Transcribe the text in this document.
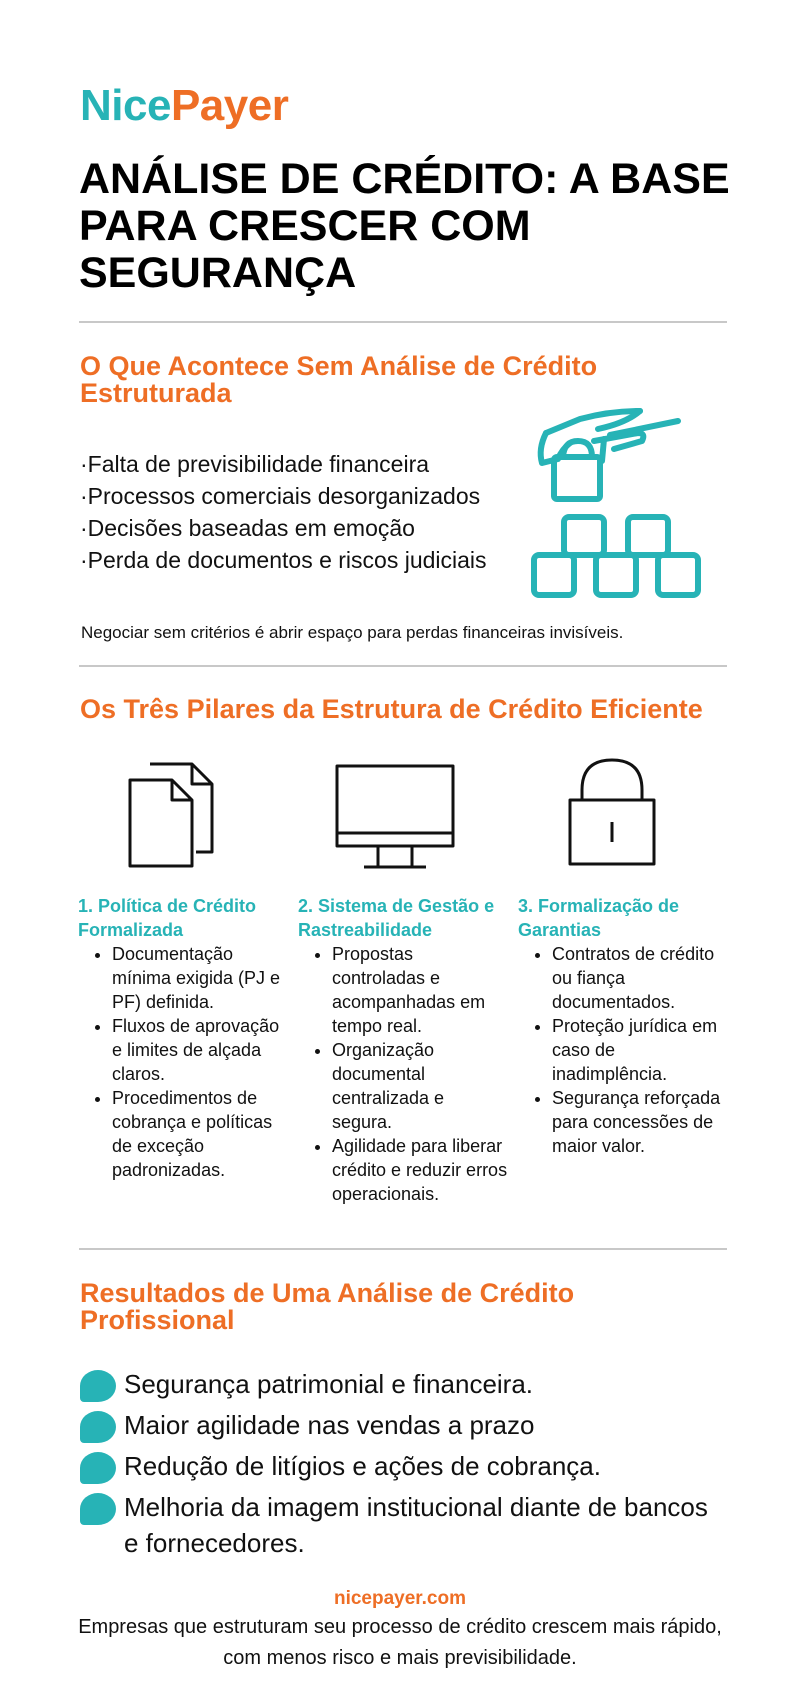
NicePayer
ANÁLISE DE CRÉDITO: A BASE PARA CRESCER COM SEGURANÇA
O Que Acontece Sem Análise de Crédito Estruturada
·Falta de previsibilidade financeira
·Processos comerciais desorganizados
·Decisões baseadas em emoção
·Perda de documentos e riscos judiciais

Negociar sem critérios é abrir espaço para perdas financeiras invisíveis.

Os Três Pilares da Estrutura de Crédito Eficiente
1. Política de Crédito Formalizada
• Documentação mínima exigida (PJ e PF) definida.
• Fluxos de aprovação e limites de alçada claros.
• Procedimentos de cobrança e políticas de exceção padronizadas.
2. Sistema de Gestão e Rastreabilidade
• Propostas controladas e acompanhadas em tempo real.
• Organização documental centralizada e segura.
• Agilidade para liberar crédito e reduzir erros operacionais.
3. Formalização de Garantias
• Contratos de crédito ou fiança documentados.
• Proteção jurídica em caso de inadimplência.
• Segurança reforçada para concessões de maior valor.
Resultados de Uma Análise de Crédito Profissional
Segurança patrimonial e financeira.
Maior agilidade nas vendas a prazo
Redução de litígios e ações de cobrança.
Melhoria da imagem institucional diante de bancos e fornecedores.
nicepayer.com

Empresas que estruturam seu processo de crédito crescem mais rápido, com menos risco e mais previsibilidade.
